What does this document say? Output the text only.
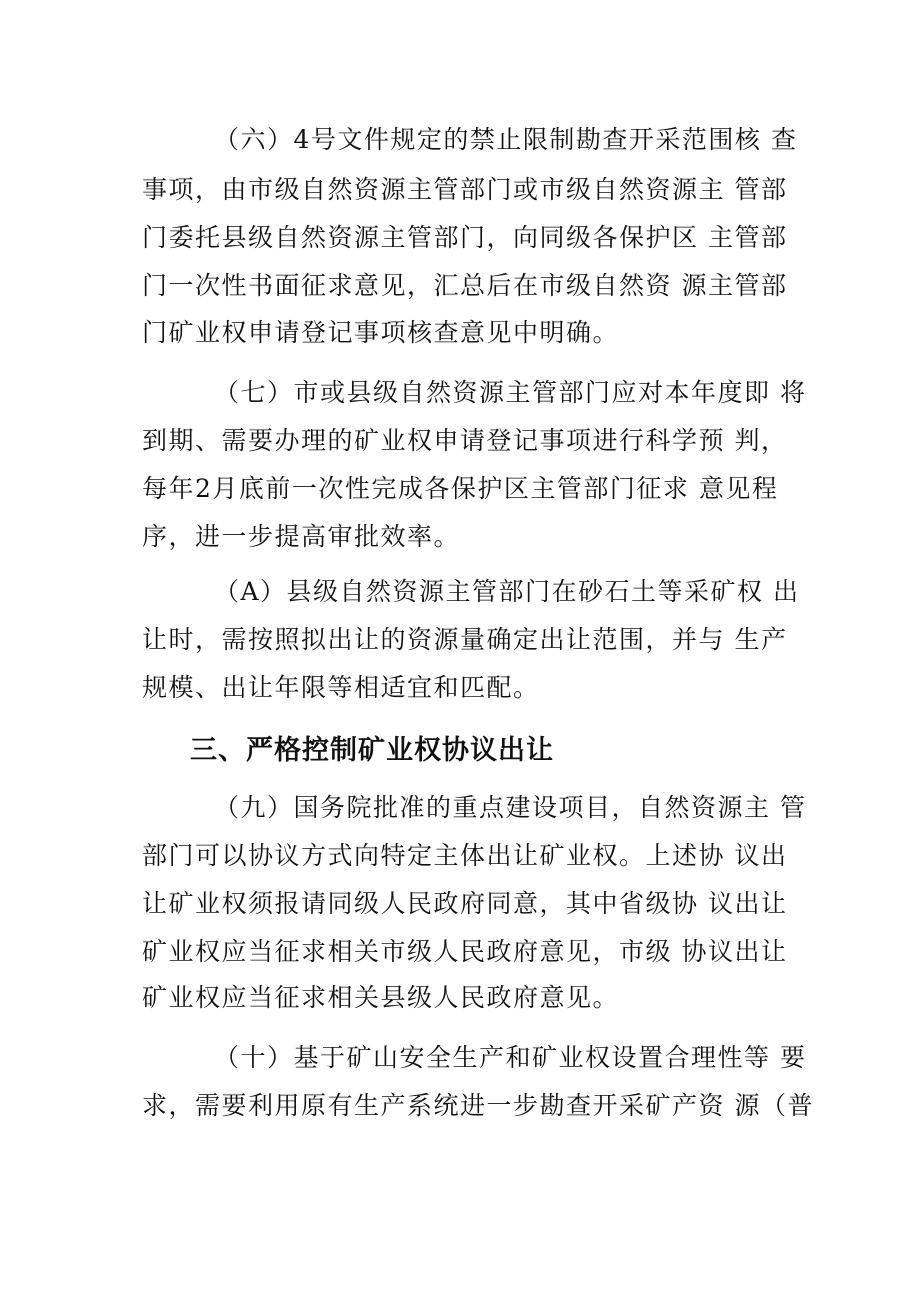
（六）4号文件规定的禁止限制勘查开采范围核 查
事项，由市级自然资源主管部门或市级自然资源主 管部
门委托县级自然资源主管部门，向同级各保护区 主管部
门一次性书面征求意见，汇总后在市级自然资 源主管部
门矿业权申请登记事项核查意见中明确。
（七）市或县级自然资源主管部门应对本年度即 将
到期、需要办理的矿业权申请登记事项进行科学预 判，
每年2月底前一次性完成各保护区主管部门征求 意见程
序，进一步提高审批效率。
（A）县级自然资源主管部门在砂石土等采矿权 出
让时，需按照拟出让的资源量确定出让范围，并与 生产
规模、出让年限等相适宜和匹配。
三、严格控制矿业权协议出让
（九）国务院批准的重点建设项目，自然资源主 管
部门可以协议方式向特定主体出让矿业权。上述协 议出
让矿业权须报请同级人民政府同意，其中省级协 议出让
矿业权应当征求相关市级人民政府意见，市级 协议出让
矿业权应当征求相关县级人民政府意见。
（十）基于矿山安全生产和矿业权设置合理性等 要
求，需要利用原有生产系统进一步勘查开采矿产资 源（普
